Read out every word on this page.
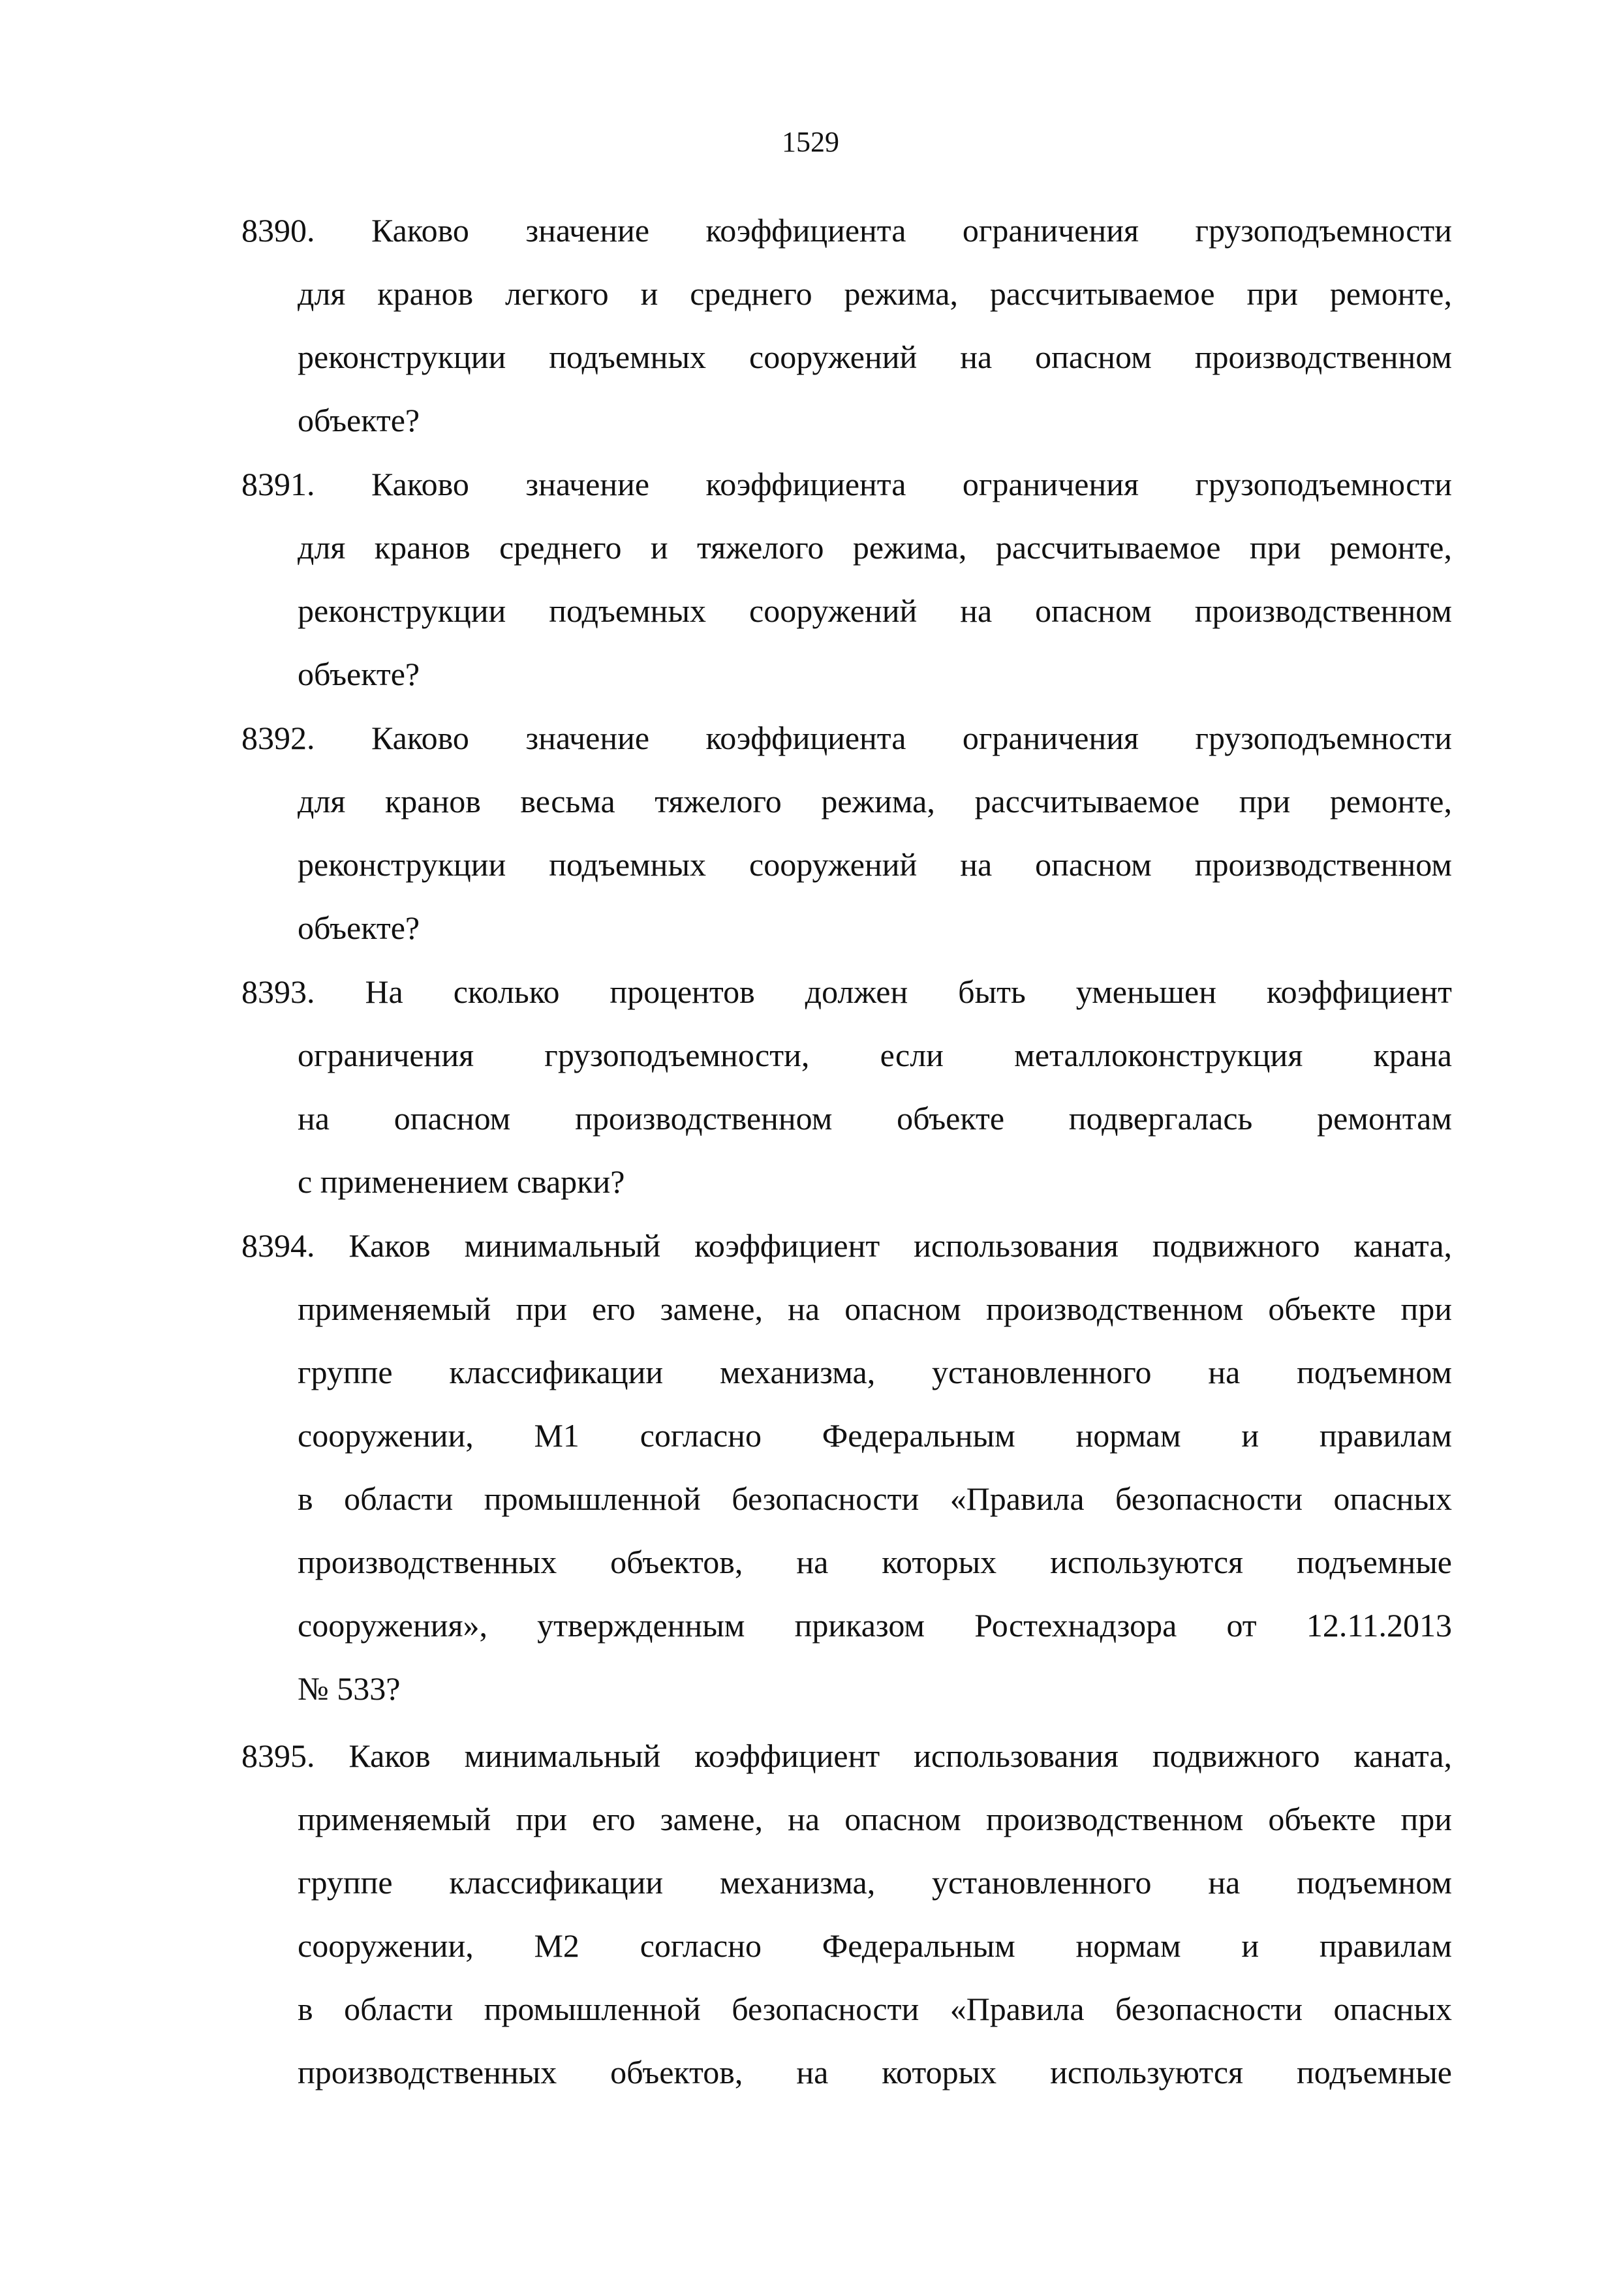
1529
8390. Каково значение коэффициента ограничения грузоподъемности
для кранов легкого и среднего режима, рассчитываемое при ремонте,
реконструкции подъемных сооружений на опасном производственном
объекте?
8391. Каково значение коэффициента ограничения грузоподъемности
для кранов среднего и тяжелого режима, рассчитываемое при ремонте,
реконструкции подъемных сооружений на опасном производственном
объекте?
8392. Каково значение коэффициента ограничения грузоподъемности
для кранов весьма тяжелого режима, рассчитываемое при ремонте,
реконструкции подъемных сооружений на опасном производственном
объекте?
8393. На сколько процентов должен быть уменьшен коэффициент
ограничения грузоподъемности, если металлоконструкция крана
на опасном производственном объекте подвергалась ремонтам
с применением сварки?
8394. Каков минимальный коэффициент использования подвижного каната,
применяемый при его замене, на опасном производственном объекте при
группе классификации механизма, установленного на подъемном
сооружении, М1 согласно Федеральным нормам и правилам
в области промышленной безопасности «Правила безопасности опасных
производственных объектов, на которых используются подъемные
сооружения», утвержденным приказом Ростехнадзора от 12.11.2013
№ 533?
8395. Каков минимальный коэффициент использования подвижного каната,
применяемый при его замене, на опасном производственном объекте при
группе классификации механизма, установленного на подъемном
сооружении, М2 согласно Федеральным нормам и правилам
в области промышленной безопасности «Правила безопасности опасных
производственных объектов, на которых используются подъемные
